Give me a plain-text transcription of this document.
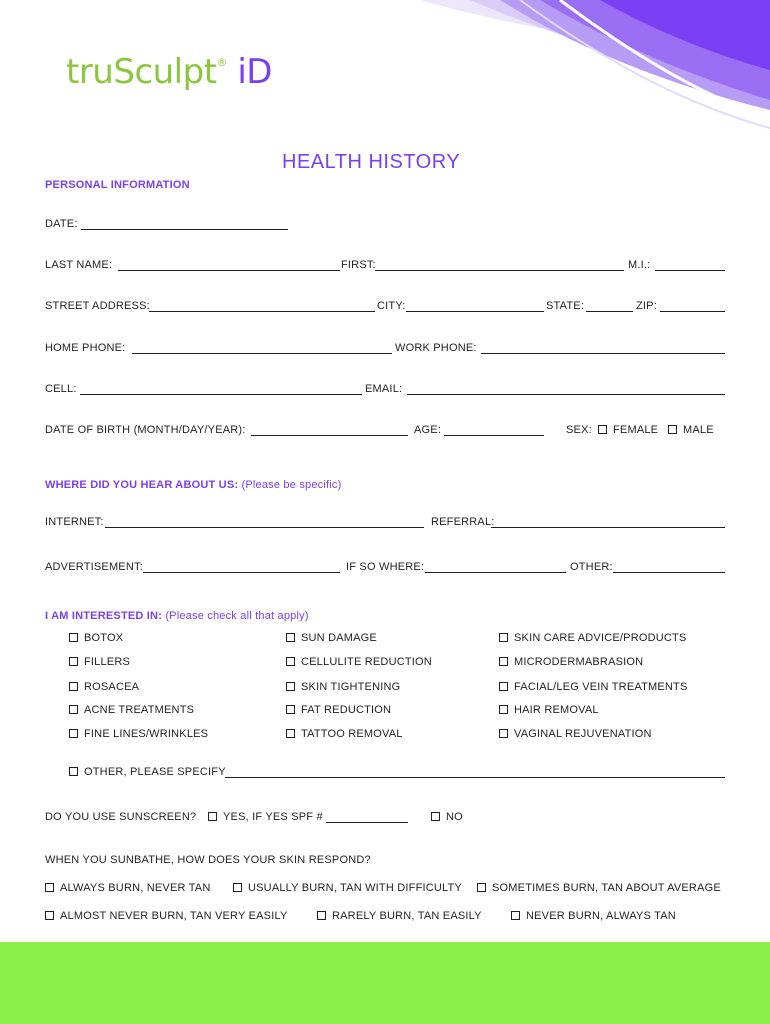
truSculpt® iD
HEALTH HISTORY
PERSONAL INFORMATION
DATE:
LAST NAME:	FIRST:	M.I.:
STREET ADDRESS:	CITY:	STATE:	ZIP:
HOME PHONE:	WORK PHONE:
CELL:	EMAIL:
DATE OF BIRTH (MONTH/DAY/YEAR):	AGE:	SEX:	FEMALE	MALE
WHERE DID YOU HEAR ABOUT US: (Please be specific)
INTERNET:	REFERRAL:
ADVERTISEMENT:	IF SO WHERE:	OTHER:
I AM INTERESTED IN: (Please check all that apply)
BOTOX
FILLERS
ROSACEA
ACNE TREATMENTS
FINE LINES/WRINKLES
SUN DAMAGE
CELLULITE REDUCTION
SKIN TIGHTENING
FAT REDUCTION
TATTOO REMOVAL
SKIN CARE ADVICE/PRODUCTS
MICRODERMABRASION
FACIAL/LEG VEIN TREATMENTS
HAIR REMOVAL
VAGINAL REJUVENATION
OTHER, PLEASE SPECIFY
DO YOU USE SUNSCREEN?	YES, IF YES SPF #	NO
WHEN YOU SUNBATHE, HOW DOES YOUR SKIN RESPOND?
ALWAYS BURN, NEVER TAN	USUALLY BURN, TAN WITH DIFFICULTY	SOMETIMES BURN, TAN ABOUT AVERAGE
ALMOST NEVER BURN, TAN VERY EASILY	RARELY BURN, TAN EASILY	NEVER BURN, ALWAYS TAN
